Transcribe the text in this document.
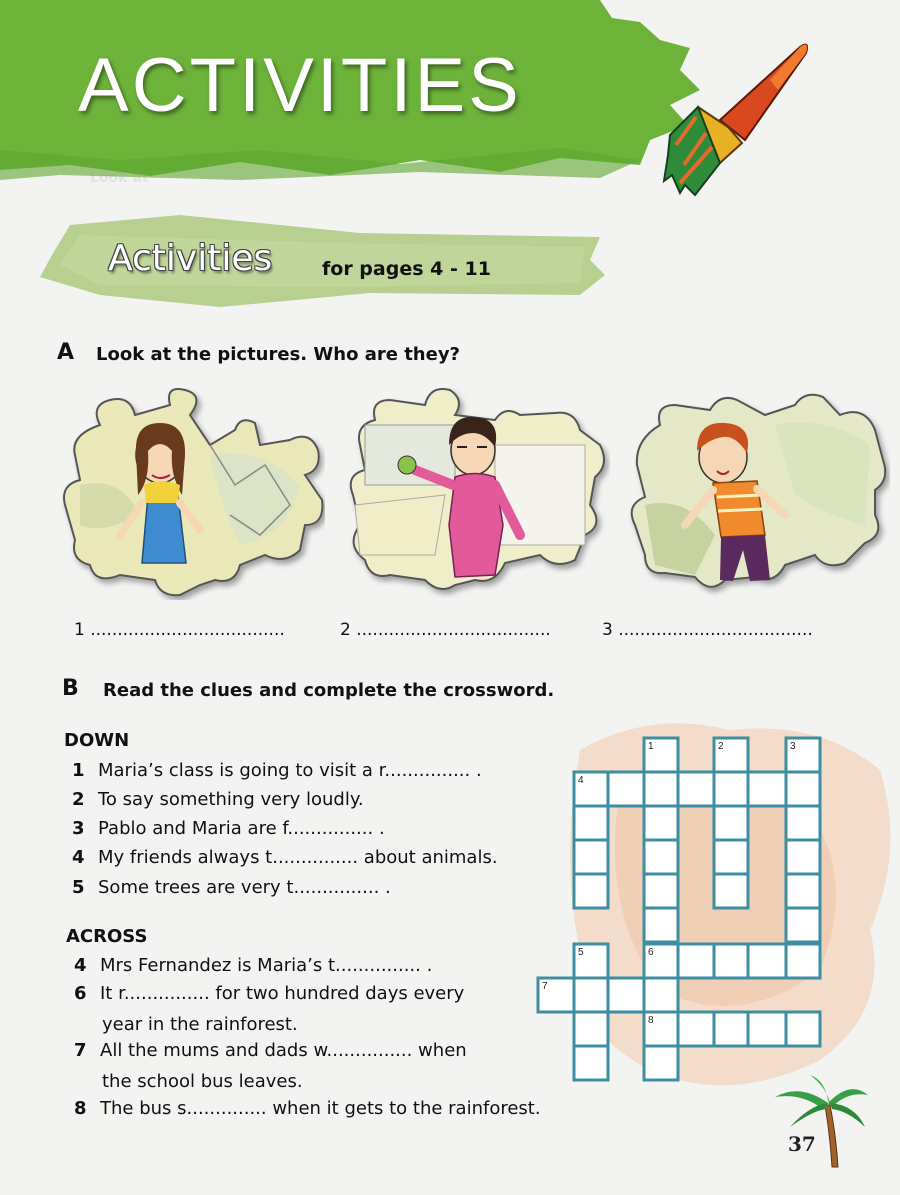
ACTIVITIES
Activities	for pages 4 - 11
Look at
A Look at the pictures. Who are they?
1 ....................................	2 ....................................	3 ....................................
B Read the clues and complete the crossword.
1	2	3
4
5	6
7
8
DOWN
1 Maria’s class is going to visit a r............... .
2 To say something very loudly.
3 Pablo and Maria are f............... .
4 My friends always t............... about animals.
5 Some trees are very t............... .
ACROSS
4 Mrs Fernandez is Maria’s t............... .
6 It r............... for two hundred days every
year in the rainforest.
7 All the mums and dads w............... when
the school bus leaves.
8 The bus s.............. when it gets to the rainforest.
37
